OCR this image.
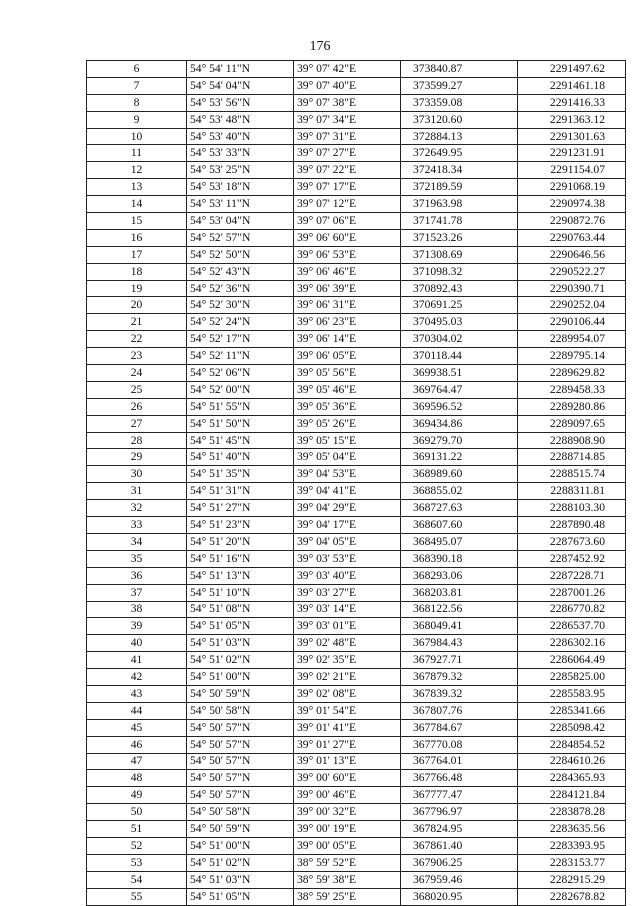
176
6	54° 54' 11"N	39° 07' 42"E	373840.87	2291497.62
7	54° 54' 04"N	39° 07' 40"E	373599.27	2291461.18
8	54° 53' 56"N	39° 07' 38"E	373359.08	2291416.33
9	54° 53' 48"N	39° 07' 34"E	373120.60	2291363.12
10	54° 53' 40"N	39° 07' 31"E	372884.13	2291301.63
11	54° 53' 33"N	39° 07' 27"E	372649.95	2291231.91
12	54° 53' 25"N	39° 07' 22"E	372418.34	2291154.07
13	54° 53' 18"N	39° 07' 17"E	372189.59	2291068.19
14	54° 53' 11"N	39° 07' 12"E	371963.98	2290974.38
15	54° 53' 04"N	39° 07' 06"E	371741.78	2290872.76
16	54° 52' 57"N	39° 06' 60"E	371523.26	2290763.44
17	54° 52' 50"N	39° 06' 53"E	371308.69	2290646.56
18	54° 52' 43"N	39° 06' 46"E	371098.32	2290522.27
19	54° 52' 36"N	39° 06' 39"E	370892.43	2290390.71
20	54° 52' 30"N	39° 06' 31"E	370691.25	2290252.04
21	54° 52' 24"N	39° 06' 23"E	370495.03	2290106.44
22	54° 52' 17"N	39° 06' 14"E	370304.02	2289954.07
23	54° 52' 11"N	39° 06' 05"E	370118.44	2289795.14
24	54° 52' 06"N	39° 05' 56"E	369938.51	2289629.82
25	54° 52' 00"N	39° 05' 46"E	369764.47	2289458.33
26	54° 51' 55"N	39° 05' 36"E	369596.52	2289280.86
27	54° 51' 50"N	39° 05' 26"E	369434.86	2289097.65
28	54° 51' 45"N	39° 05' 15"E	369279.70	2288908.90
29	54° 51' 40"N	39° 05' 04"E	369131.22	2288714.85
30	54° 51' 35"N	39° 04' 53"E	368989.60	2288515.74
31	54° 51' 31"N	39° 04' 41"E	368855.02	2288311.81
32	54° 51' 27"N	39° 04' 29"E	368727.63	2288103.30
33	54° 51' 23"N	39° 04' 17"E	368607.60	2287890.48
34	54° 51' 20"N	39° 04' 05"E	368495.07	2287673.60
35	54° 51' 16"N	39° 03' 53"E	368390.18	2287452.92
36	54° 51' 13"N	39° 03' 40"E	368293.06	2287228.71
37	54° 51' 10"N	39° 03' 27"E	368203.81	2287001.26
38	54° 51' 08"N	39° 03' 14"E	368122.56	2286770.82
39	54° 51' 05"N	39° 03' 01"E	368049.41	2286537.70
40	54° 51' 03"N	39° 02' 48"E	367984.43	2286302.16
41	54° 51' 02"N	39° 02' 35"E	367927.71	2286064.49
42	54° 51' 00"N	39° 02' 21"E	367879.32	2285825.00
43	54° 50' 59"N	39° 02' 08"E	367839.32	2285583.95
44	54° 50' 58"N	39° 01' 54"E	367807.76	2285341.66
45	54° 50' 57"N	39° 01' 41"E	367784.67	2285098.42
46	54° 50' 57"N	39° 01' 27"E	367770.08	2284854.52
47	54° 50' 57"N	39° 01' 13"E	367764.01	2284610.26
48	54° 50' 57"N	39° 00' 60"E	367766.48	2284365.93
49	54° 50' 57"N	39° 00' 46"E	367777.47	2284121.84
50	54° 50' 58"N	39° 00' 32"E	367796.97	2283878.28
51	54° 50' 59"N	39° 00' 19"E	367824.95	2283635.56
52	54° 51' 00"N	39° 00' 05"E	367861.40	2283393.95
53	54° 51' 02"N	38° 59' 52"E	367906.25	2283153.77
54	54° 51' 03"N	38° 59' 38"E	367959.46	2282915.29
55	54° 51' 05"N	38° 59' 25"E	368020.95	2282678.82
